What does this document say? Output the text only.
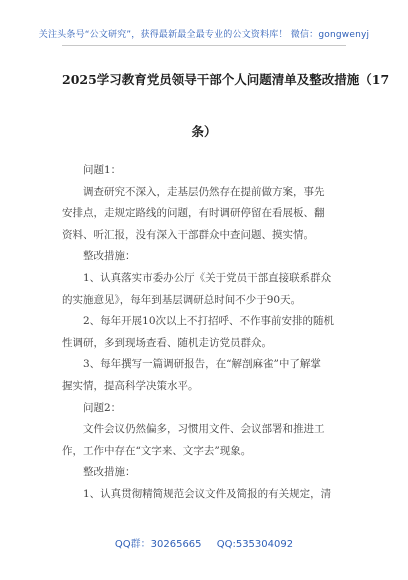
关注头条号“公文研究”，获得最新最全最专业的公文资料库！ 微信：gongwenyj
2025学习教育党员领导干部个人问题清单及整改措施（17
条）

问题1：

调查研究不深入，走基层仍然存在提前做方案，事先

安排点，走规定路线的问题，有时调研停留在看展板、翻

资料、听汇报，没有深入干部群众中查问题、摸实情。

整改措施：

1、认真落实市委办公厅《关于党员干部直接联系群众

的实施意见》，每年到基层调研总时间不少于90天。

2、每年开展10次以上不打招呼、不作事前安排的随机

性调研，多到现场查看、随机走访党员群众。

3、每年撰写一篇调研报告，在“解剖麻雀”中了解掌

握实情，提高科学决策水平。

问题2：

文件会议仍然偏多，习惯用文件、会议部署和推进工

作，工作中存在“文字来、文字去”现象。

整改措施：

1、认真贯彻精简规范会议文件及简报的有关规定，清

QQ群：30265665 QQ:535304092
